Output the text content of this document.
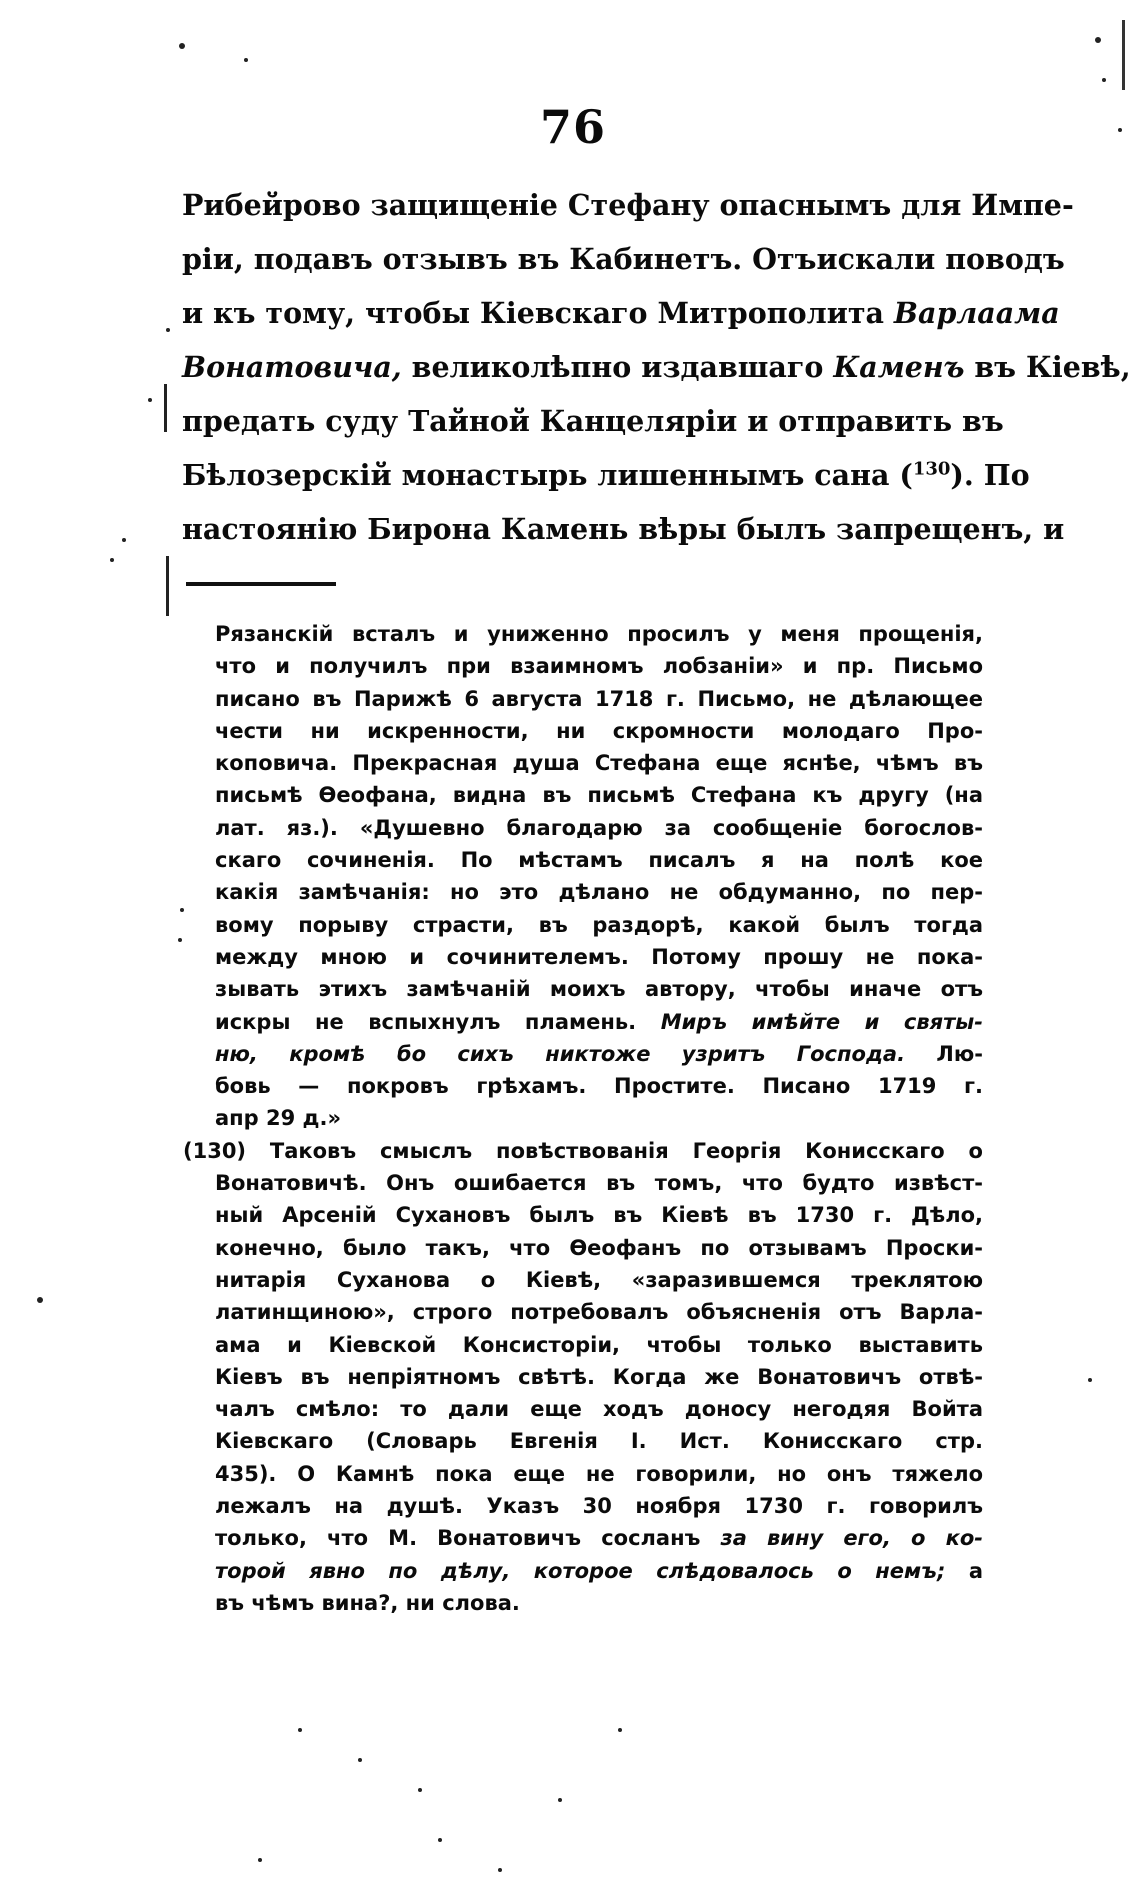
76
Рибейрово защищеніе Стефану опаснымъ для Импе-
ріи, подавъ отзывъ въ Кабинетъ. Отъискали поводъ
и къ тому, чтобы Кіевскаго Митрополита Варлаама
Вонатовича, великолѣпно издавшаго Каменъ въ Кіевѣ,
предать суду Тайной Канцеляріи и отправить въ
Бѣлозерскій монастырь лишеннымъ сана ($^{130}$). По
настоянію Бирона Камень вѣры былъ запрещенъ, и
Рязанскій всталъ и униженно просилъ у меня прощенія,
что и получилъ при взаимномъ лобзаніи» и пр. Письмо
писано въ Парижѣ 6 августа 1718 г. Письмо, не дѣлающее
чести ни искренности, ни скромности молодаго Про-
коповича. Прекрасная душа Стефана еще яснѣе, чѣмъ въ
письмѣ Ѳеофана, видна въ письмѣ Стефана къ другу (на
лат. яз.). «Душевно благодарю за сообщеніе богослов-
скаго сочиненія. По мѣстамъ писалъ я на полѣ кое
какія замѣчанія: но это дѣлано не обдуманно, по пер-
вому порыву страсти, въ раздорѣ, какой былъ тогда
между мною и сочинителемъ. Потому прошу не пока-
зывать этихъ замѣчаній моихъ автору, чтобы иначе отъ
искры не вспыхнулъ пламень. Миръ имѣйте и святы-
ню, кромѣ бо сихъ никтоже узритъ Господа. Лю-
бовь — покровъ грѣхамъ. Простите. Писано 1719 г.
апр 29 д.»
(130) Таковъ смыслъ повѣствованія Георгія Конисскаго о
Вонатовичѣ. Онъ ошибается въ томъ, что будто извѣст-
ный Арсеній Сухановъ былъ въ Кіевѣ въ 1730 г. Дѣло,
конечно, было такъ, что Ѳеофанъ по отзывамъ Проски-
нитарія Суханова о Кіевѣ, «заразившемся треклятою
латинщиною», строго потребовалъ объясненія отъ Варла-
ама и Кіевской Консисторіи, чтобы только выставить
Кіевъ въ непріятномъ свѣтѣ. Когда же Вонатовичъ отвѣ-
чалъ смѣло: то дали еще ходъ доносу негодяя Войта
Кіевскаго (Словарь Евгенія I. Ист. Конисскаго стр.
435). О Камнѣ пока еще не говорили, но онъ тяжело
лежалъ на душѣ. Указъ 30 ноября 1730 г. говорилъ
только, что М. Вонатовичъ сосланъ за вину его, о ко-
торой явно по дѣлу, которое слѣдовалось о немъ; а
въ чѣмъ вина?, ни слова.
